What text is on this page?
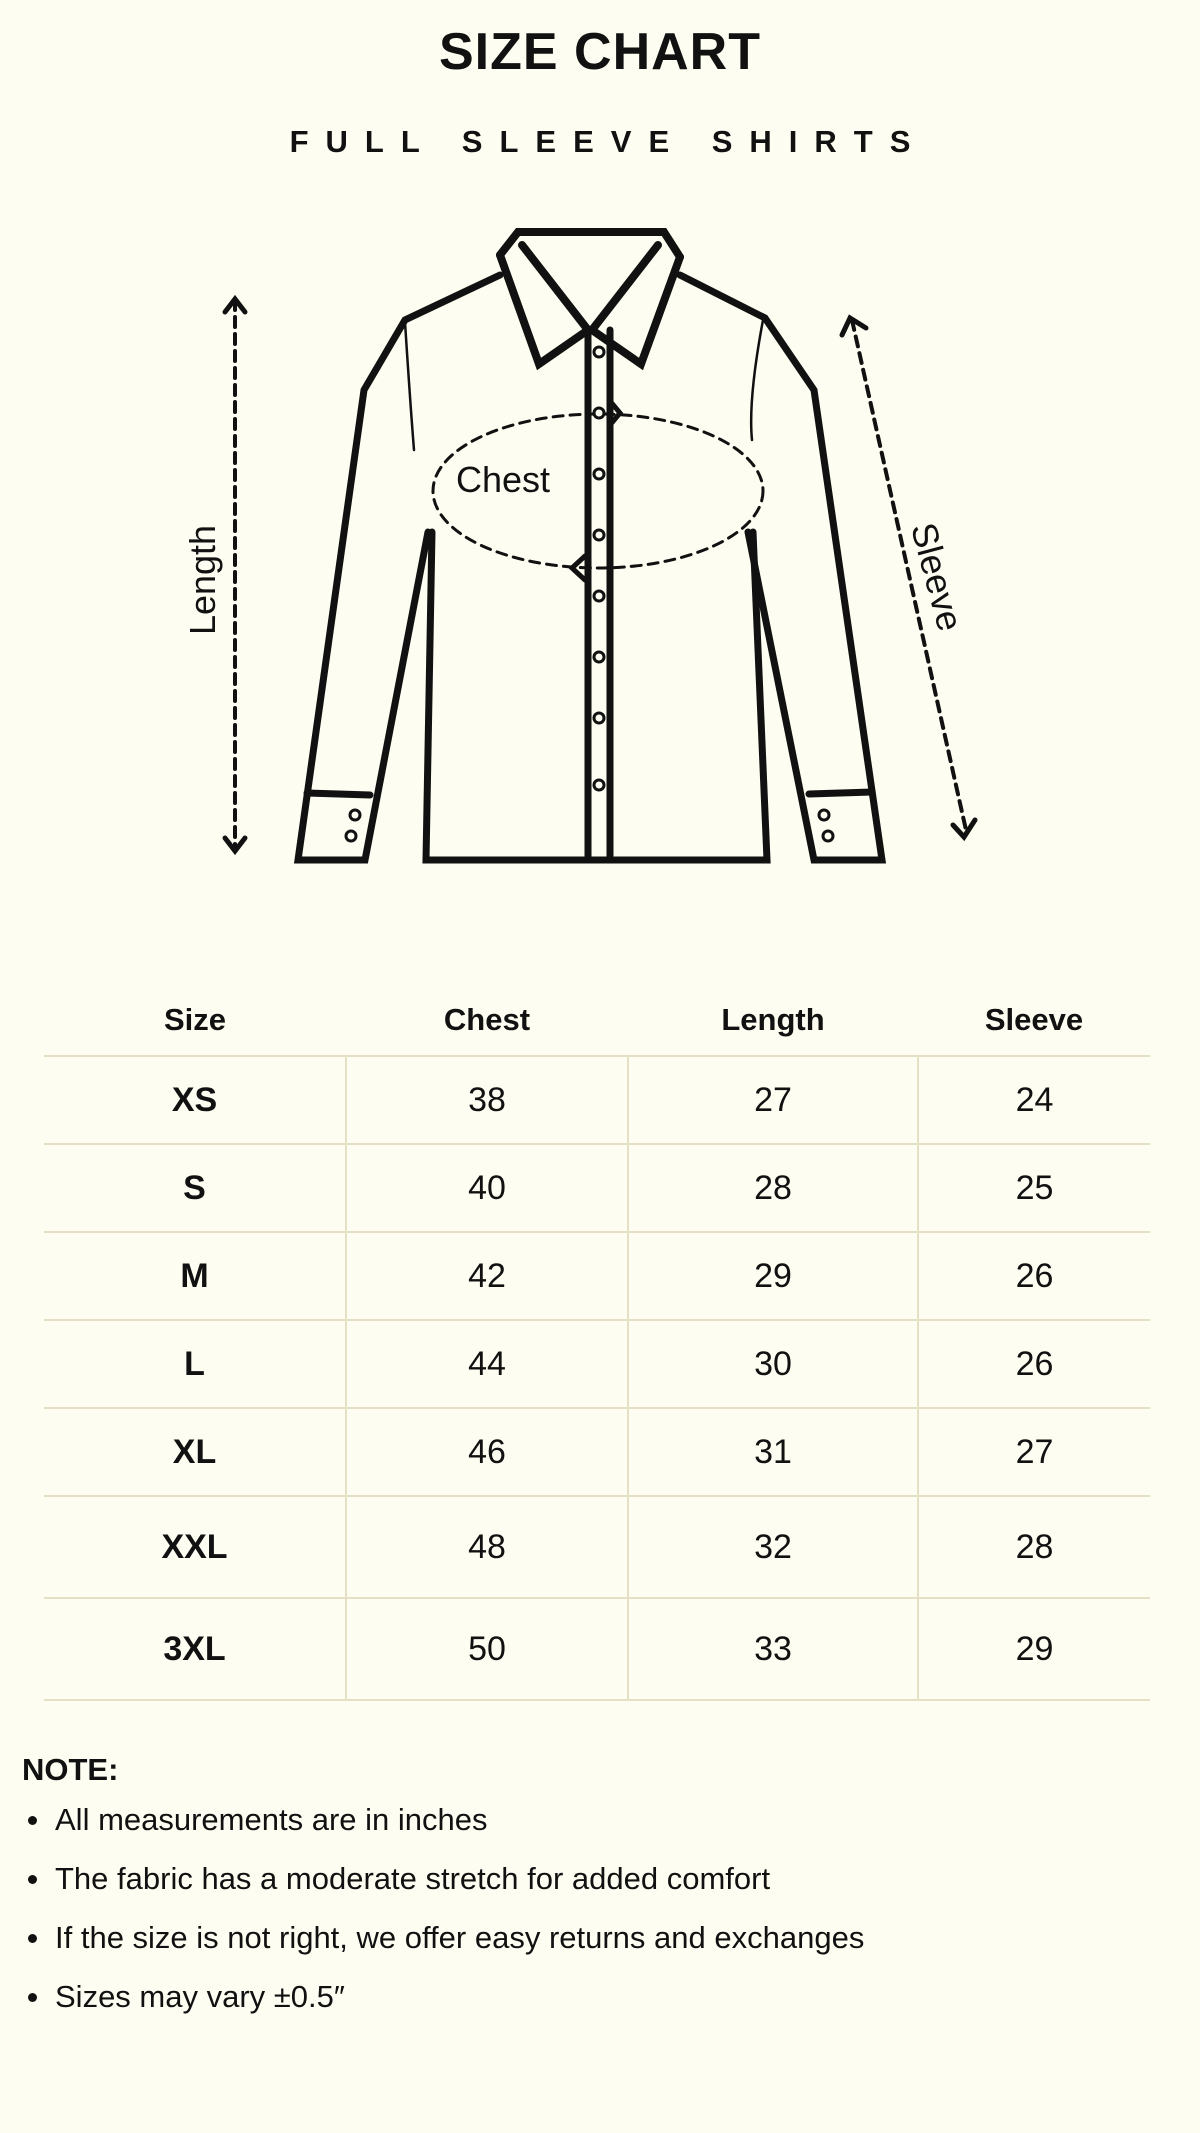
SIZE CHART
FULL SLEEVE SHIRTS
Chest
Length	Sleeve
Size	Chest	Length	Sleeve
XS	38	27	24
S	40	28	25
M	42	29	26
L	44	30	26
XL	46	31	27
XXL	48	32	28
3XL	50	33	29
NOTE:
All measurements are in inches
The fabric has a moderate stretch for added comfort
If the size is not right, we offer easy returns and exchanges
Sizes may vary ±0.5″
